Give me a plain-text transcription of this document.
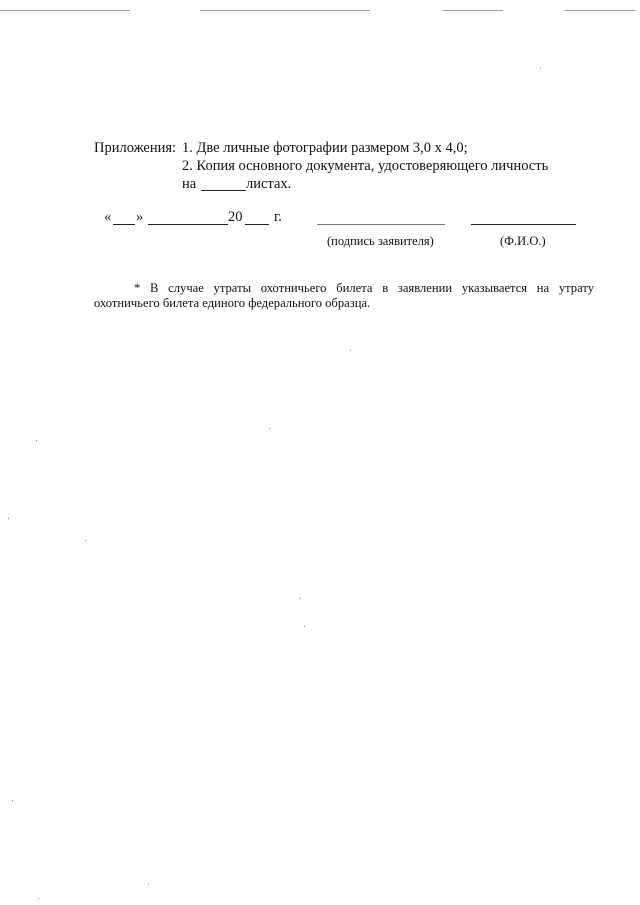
Приложения: 1. Две личные фотографии размером 3,0 х 4,0;
2. Копия основного документа, удостоверяющего личность
на	листах.
« »	20 г.
(подпись заявителя)	(Ф.И.О.)
* В случае утраты охотничьего билета в заявлении указывается на утрату
охотничьего билета единого федерального образца.
